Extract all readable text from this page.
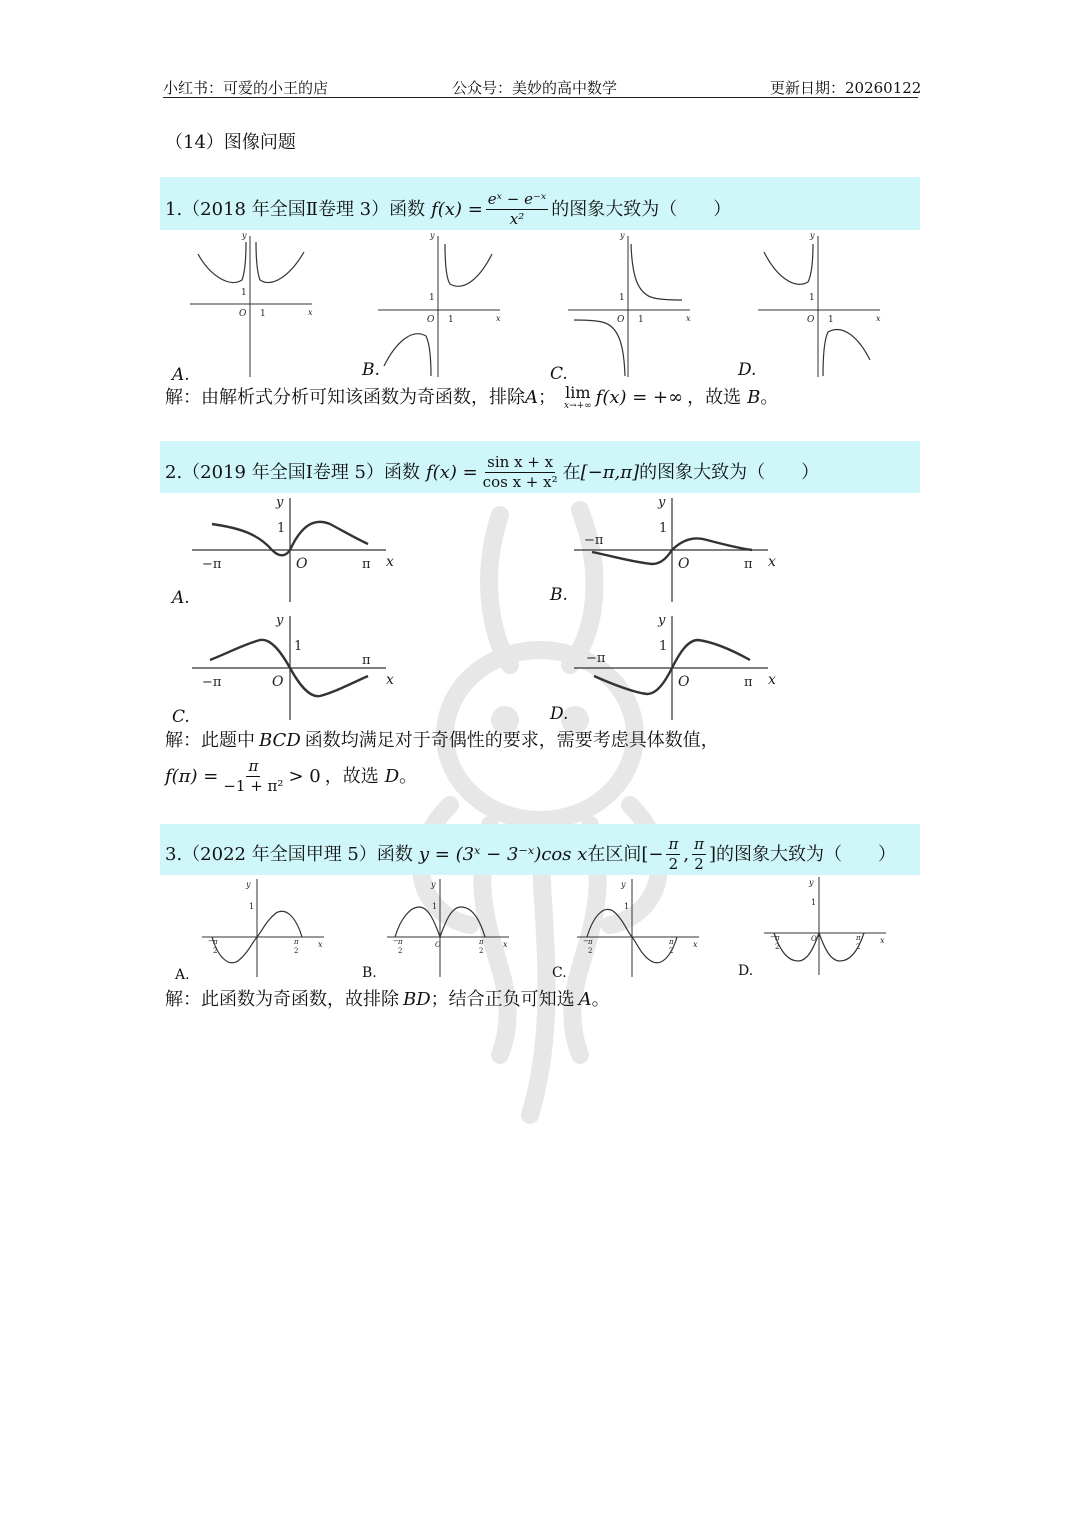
小红书：可爱的小王的店	公众号：美妙的高中数学	更新日期：20260122
（14）图像问题
1.（2018 年全国Ⅱ卷理 3）函数 $f(x) = \frac{\text{eˣ − e⁻ˣ}}{\text{x²}}$ 的图象大致为（　　）
x
y
O
1
1
A.
x
y
O
1
1
B.
x
y
O
1
1
C.
x
y
O
1
1
D.
解：由解析式分析可知该函数为奇函数，排除 A ； lim
x→+∞ f(x) = +∞ ，故选 B 。
2.（2019 年全国Ⅰ卷理 5）函数 $f(x) = \frac{\text{sin x + x}}{\text{cos x + x²}}$ 在 [−π,π] 的图象大致为（　　）
x
y
O
1
−π	π
A.
x
y
O
1
−π
π
B.
x
y
O
1
−π
π
C.
x
y
O
1
−π
π
D.
解：此题中 BCD 函数均满足对于奇偶性的要求，需要考虑具体数值，
$f(\pi) = \frac{\pi}{\text{−1 + π²}} > 0$ ，故选 D 。
3.（2022 年全国甲理 5）函数 y = (3ˣ − 3⁻ˣ)cos x 在区间 [− $\frac{\pi}{2}$ , $\frac{\pi}{2}$ ] 的图象大致为（　　）
x
y
1
− π
2
π
2
A.
x
y
1
O
− π
2
π
2
B.
x
y
1
− π
2
π
2
C.
x
y
1
O
− π
2
π
2
D.
解：此函数为奇函数，故排除 BD ；结合正负可知选 A 。
